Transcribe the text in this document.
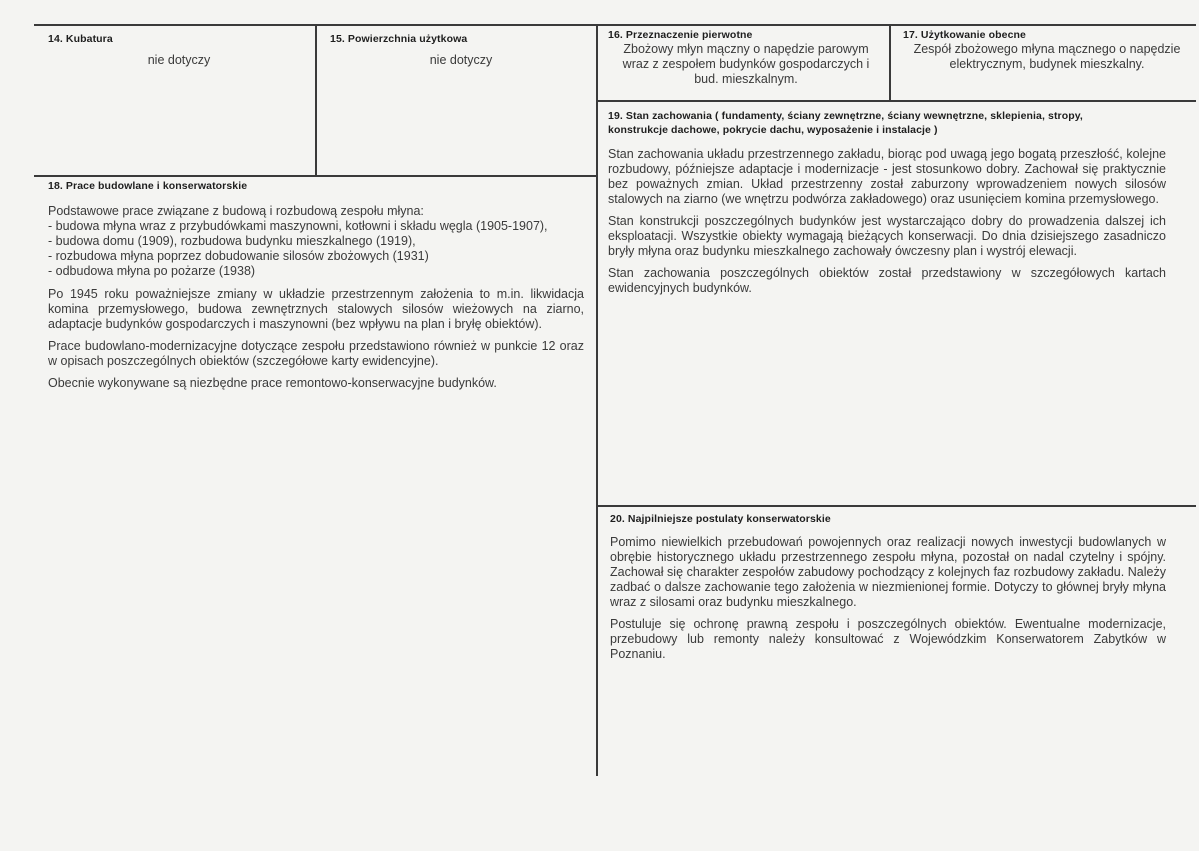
14. Kubatura
nie dotyczy
15. Powierzchnia użytkowa
nie dotyczy
16. Przeznaczenie pierwotne
Zbożowy młyn mączny o napędzie parowym wraz z zespołem budynków gospodarczych i bud. mieszkalnym.
17. Użytkowanie obecne
Zespół zbożowego młyna mącznego o napędzie elektrycznym, budynek mieszkalny.
18. Prace budowlane i konserwatorskie
Podstawowe prace związane z budową i rozbudową zespołu młyna:
- budowa młyna wraz z przybudówkami maszynowni, kotłowni i składu węgla (1905-1907),
- budowa domu (1909), rozbudowa budynku mieszkalnego (1919),
- rozbudowa młyna poprzez dobudowanie silosów zbożowych (1931)
- odbudowa młyna po pożarze (1938)

Po 1945 roku poważniejsze zmiany w układzie przestrzennym założenia to m.in. likwidacja komina przemysłowego, budowa zewnętrznych stalowych silosów wieżowych na ziarno, adaptacje budynków gospodarczych i maszynowni (bez wpływu na plan i bryłę obiektów).

Prace budowlano-modernizacyjne dotyczące zespołu przedstawiono również w punkcie 12 oraz w opisach poszczególnych obiektów (szczegółowe karty ewidencyjne).

Obecnie wykonywane są niezbędne prace remontowo-konserwacyjne budynków.

19. Stan zachowania ( fundamenty, ściany zewnętrzne, ściany wewnętrzne, sklepienia, stropy, konstrukcje dachowe, pokrycie dachu, wyposażenie i instalacje )

Stan zachowania układu przestrzennego zakładu, biorąc pod uwagą jego bogatą przeszłość, kolejne rozbudowy, późniejsze adaptacje i modernizacje - jest stosunkowo dobry. Zachował się praktycznie bez poważnych zmian. Układ przestrzenny został zaburzony wprowadzeniem nowych silosów stalowych na ziarno (we wnętrzu podwórza zakładowego) oraz usunięciem komina przemysłowego.

Stan konstrukcji poszczególnych budynków jest wystarczająco dobry do prowadzenia dalszej ich eksploatacji. Wszystkie obiekty wymagają bieżących konserwacji. Do dnia dzisiejszego zasadniczo bryły młyna oraz budynku mieszkalnego zachowały ówczesny plan i wystrój elewacji.

Stan zachowania poszczególnych obiektów został przedstawiony w szczegółowych kartach ewidencyjnych budynków.

20. Najpilniejsze postulaty konserwatorskie

Pomimo niewielkich przebudowań powojennych oraz realizacji nowych inwestycji budowlanych w obrębie historycznego układu przestrzennego zespołu młyna, pozostał on nadal czytelny i spójny. Zachował się charakter zespołów zabudowy pochodzący z kolejnych faz rozbudowy zakładu. Należy zadbać o dalsze zachowanie tego założenia w niezmienionej formie. Dotyczy to głównej bryły młyna wraz z silosami oraz budynku mieszkalnego.

Postuluje się ochronę prawną zespołu i poszczególnych obiektów. Ewentualne modernizacje, przebudowy lub remonty należy konsultować z Wojewódzkim Konserwatorem Zabytków w Poznaniu.
